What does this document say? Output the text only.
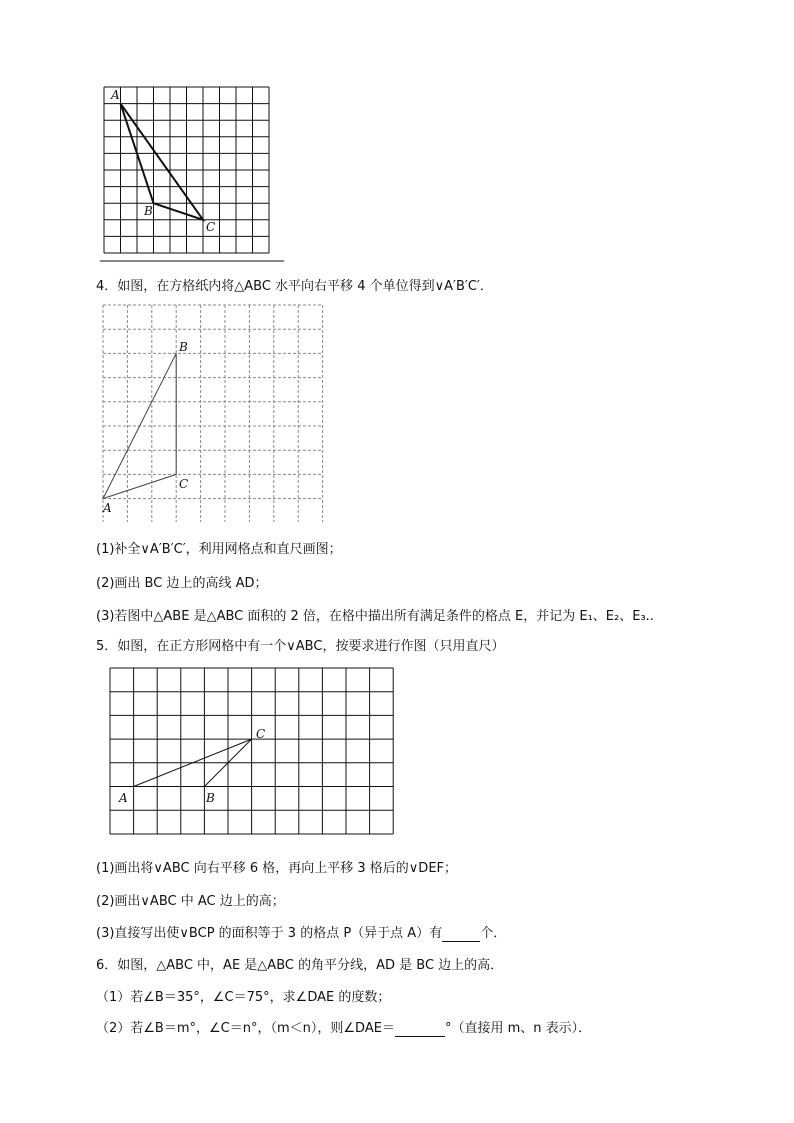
A
B
C
4．如图，在方格纸内将△ABC 水平向右平移 4 个单位得到∨A′B′C′．
A
B
C
(1)补全∨A′B′C′，利用网格点和直尺画图；
(2)画出 BC 边上的高线 AD；
(3)若图中△ABE 是△ABC 面积的 2 倍，在格中描出所有满足条件的格点 E，并记为 E₁、E₂、E₃..
5．如图，在正方形网格中有一个∨ABC，按要求进行作图（只用直尺）
A	B
C
(1)画出将∨ABC 向右平移 6 格，再向上平移 3 格后的∨DEF；
(2)画出∨ABC 中 AC 边上的高；
(3)直接写出使∨BCP 的面积等于 3 的格点 P（异于点 A）有	个．
6．如图，△ABC 中，AE 是△ABC 的角平分线，AD 是 BC 边上的高．
（1）若∠B＝35°，∠C＝75°，求∠DAE 的度数；
（2）若∠B＝m°，∠C＝n°，（m＜n），则∠DAE＝	°（直接用 m、n 表示）．
